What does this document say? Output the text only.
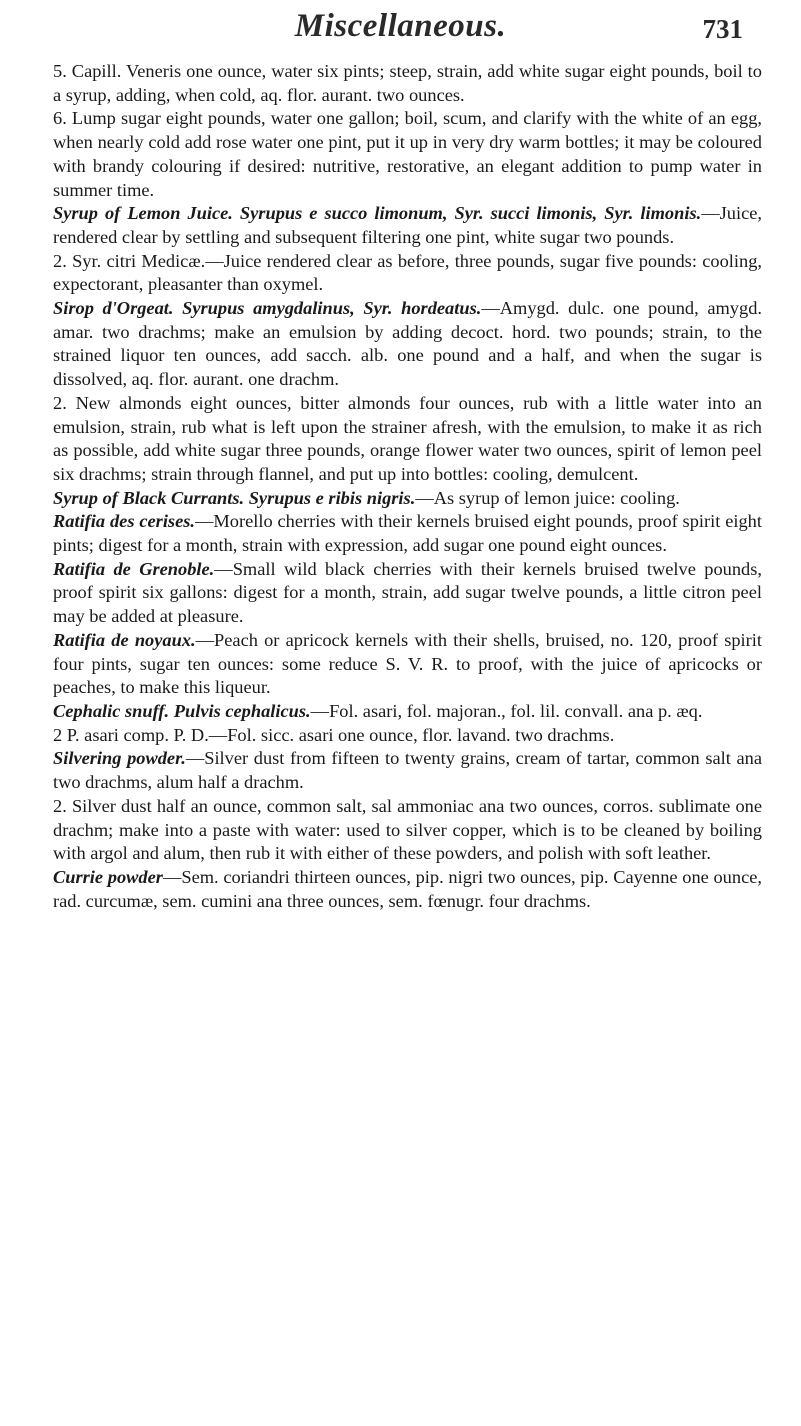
Miscellaneous.	731

5. Capill. Veneris one ounce, water six pints; steep, strain, add white sugar eight pounds, boil to a syrup, adding, when cold, aq. flor. aurant. two ounces.

6. Lump sugar eight pounds, water one gallon; boil, scum, and clarify with the white of an egg, when nearly cold add rose water one pint, put it up in very dry warm bottles; it may be coloured with brandy colouring if desired: nutritive, restorative, an elegant addition to pump water in summer time.

Syrup of Lemon Juice. Syrupus e succo limonum, Syr. succi limonis, Syr. limonis.—Juice, rendered clear by settling and subsequent filtering one pint, white sugar two pounds.

2. Syr. citri Medicæ.—Juice rendered clear as before, three pounds, sugar five pounds: cooling, expectorant, pleasanter than oxymel.

Sirop d'Orgeat. Syrupus amygdalinus, Syr. hordeatus.—Amygd. dulc. one pound, amygd. amar. two drachms; make an emulsion by adding decoct. hord. two pounds; strain, to the strained liquor ten ounces, add sacch. alb. one pound and a half, and when the sugar is dissolved, aq. flor. aurant. one drachm.

2. New almonds eight ounces, bitter almonds four ounces, rub with a little water into an emulsion, strain, rub what is left upon the strainer afresh, with the emulsion, to make it as rich as possible, add white sugar three pounds, orange flower water two ounces, spirit of lemon peel six drachms; strain through flannel, and put up into bottles: cooling, demulcent.

Syrup of Black Currants. Syrupus e ribis nigris.—As syrup of lemon juice: cooling.

Ratifia des cerises.—Morello cherries with their kernels bruised eight pounds, proof spirit eight pints; digest for a month, strain with expression, add sugar one pound eight ounces.

Ratifia de Grenoble.—Small wild black cherries with their kernels bruised twelve pounds, proof spirit six gallons: digest for a month, strain, add sugar twelve pounds, a little citron peel may be added at pleasure.

Ratifia de noyaux.—Peach or apricock kernels with their shells, bruised, no. 120, proof spirit four pints, sugar ten ounces: some reduce S. V. R. to proof, with the juice of apricocks or peaches, to make this liqueur.

Cephalic snuff. Pulvis cephalicus.—Fol. asari, fol. majoran., fol. lil. convall. ana p. æq.

2 P. asari comp. P. D.—Fol. sicc. asari one ounce, flor. lavand. two drachms.

Silvering powder.—Silver dust from fifteen to twenty grains, cream of tartar, common salt ana two drachms, alum half a drachm.

2. Silver dust half an ounce, common salt, sal ammoniac ana two ounces, corros. sublimate one drachm; make into a paste with water: used to silver copper, which is to be cleaned by boiling with argol and alum, then rub it with either of these powders, and polish with soft leather.

Currie powder—Sem. coriandri thirteen ounces, pip. nigri two ounces, pip. Cayenne one ounce, rad. curcumæ, sem. cumini ana three ounces, sem. fœnugr. four drachms.
